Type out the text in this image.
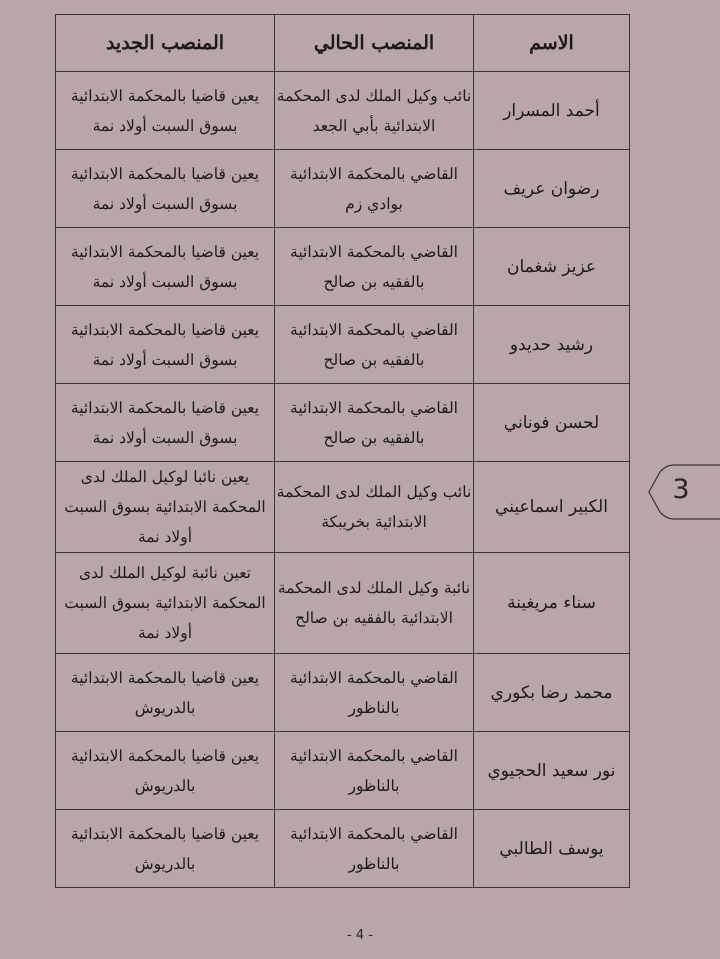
الاسم	المنصب الحالي	المنصب الجديد
أحمد المسرار	نائب وكيل الملك لدى المحكمة الابتدائية بأبي الجعد	يعين قاضيا بالمحكمة الابتدائية بسوق السبت أولاد نمة
رضوان عريف	القاضي بالمحكمة الابتدائية بوادي زم	يعين قاضيا بالمحكمة الابتدائية بسوق السبت أولاد نمة
عزيز شغمان	القاضي بالمحكمة الابتدائية بالفقيه بن صالح	يعين قاضيا بالمحكمة الابتدائية بسوق السبت أولاد نمة
رشيد حديدو	القاضي بالمحكمة الابتدائية بالفقيه بن صالح	يعين قاضيا بالمحكمة الابتدائية بسوق السبت أولاد نمة
لحسن فوناني	القاضي بالمحكمة الابتدائية بالفقيه بن صالح	يعين قاضيا بالمحكمة الابتدائية بسوق السبت أولاد نمة
الكبير اسماعيني	نائب وكيل الملك لدى المحكمة الابتدائية بخريبكة	يعين نائبا لوكيل الملك لدى المحكمة الابتدائية بسوق السبت أولاد نمة
سناء مريغينة	نائبة وكيل الملك لدى المحكمة الابتدائية بالفقيه بن صالح	تعين نائبة لوكيل الملك لدى المحكمة الابتدائية بسوق السبت أولاد نمة
محمد رضا بكوري	القاضي بالمحكمة الابتدائية بالناظور	يعين قاضيا بالمحكمة الابتدائية بالدريوش
نور سعيد الحجيوي	القاضي بالمحكمة الابتدائية بالناظور	يعين قاضيا بالمحكمة الابتدائية بالدريوش
يوسف الطالبي	القاضي بالمحكمة الابتدائية بالناظور	يعين قاضيا بالمحكمة الابتدائية بالدريوش
3
- 4 -
